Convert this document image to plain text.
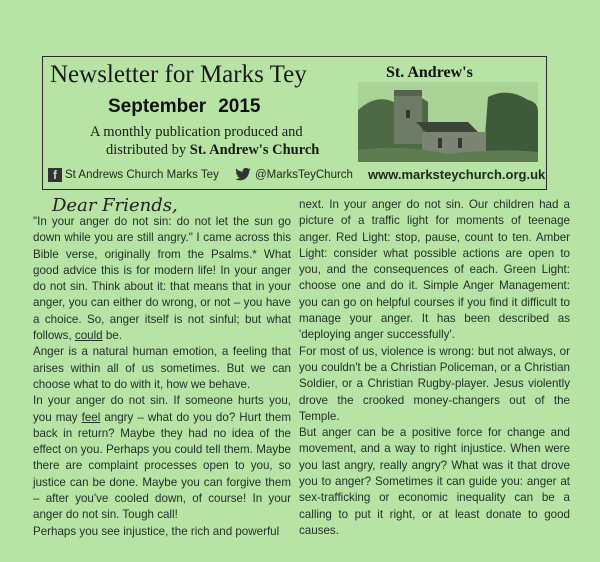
Newsletter for Marks Tey
September 2015
A monthly publication produced and
distributed by St. Andrew's Church
St. Andrew's
f St Andrews Church Marks Tey	@MarksTeyChurch www.marksteychurch.org.uk
Dear Friends,

"In your anger do not sin: do not let the sun go down while you are still angry." I came across this Bible verse, originally from the Psalms.* What good advice this is for modern life! In your anger do not sin. Think about it: that means that in your anger, you can either do wrong, or not – you have a choice. So, anger itself is not sinful; but what follows, could be.

Anger is a natural human emotion, a feeling that arises within all of us sometimes. But we can choose what to do with it, how we behave.

In your anger do not sin. If someone hurts you, you may feel angry – what do you do? Hurt them back in return? Maybe they had no idea of the effect on you. Perhaps you could tell them. Maybe there are complaint processes open to you, so justice can be done. Maybe you can forgive them – after you've cooled down, of course! In your anger do not sin. Tough call!

Perhaps you see injustice, the rich and powerful

next. In your anger do not sin. Our children had a picture of a traffic light for moments of teenage anger. Red Light: stop, pause, count to ten. Amber Light: consider what possible actions are open to you, and the consequences of each. Green Light: choose one and do it. Simple Anger Management: you can go on helpful courses if you find it difficult to manage your anger. It has been described as 'deploying anger successfully'.

For most of us, violence is wrong: but not always, or you couldn't be a Christian Policeman, or a Christian Soldier, or a Christian Rugby-player. Jesus violently drove the crooked money-changers out of the Temple.

But anger can be a positive force for change and movement, and a way to right injustice. When were you last angry, really angry? What was it that drove you to anger? Sometimes it can guide you: anger at sex-trafficking or economic inequality can be a calling to put it right, or at least donate to good causes.
